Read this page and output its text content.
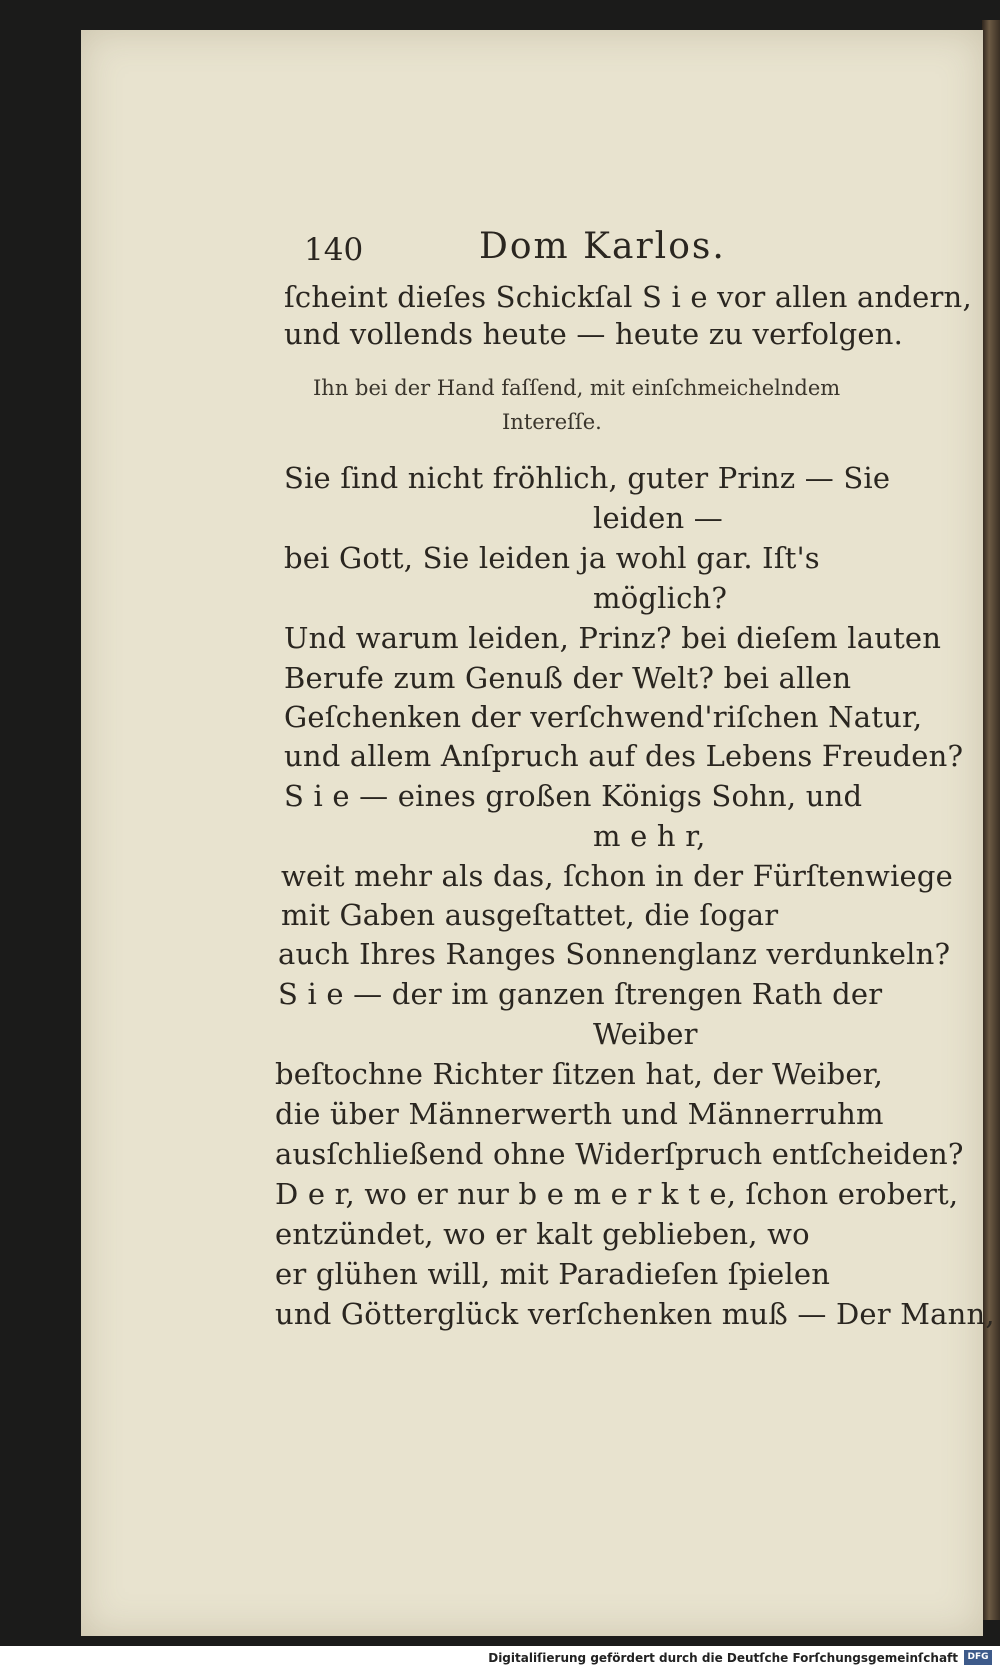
140	Dom Karlos.
ſcheint dieſes Schickſal S i e vor allen andern,
und vollends heute — heute zu verfolgen.
Ihn bei der Hand faſſend, mit einſchmeichelndem
Intereſſe.
Sie ſind nicht fröhlich, guter Prinz — Sie
leiden —
bei Gott, Sie leiden ja wohl gar. Iſt's
möglich?
Und warum leiden, Prinz? bei dieſem lauten
Berufe zum Genuß der Welt? bei allen
Geſchenken der verſchwend'riſchen Natur,
und allem Anſpruch auf des Lebens Freuden?
S i e — eines großen Königs Sohn, und
m e h r,
weit mehr als das, ſchon in der Fürſtenwiege
mit Gaben ausgeſtattet, die ſogar
auch Ihres Ranges Sonnenglanz verdunkeln?
S i e — der im ganzen ſtrengen Rath der
Weiber
beſtochne Richter ſitzen hat, der Weiber,
die über Männerwerth und Männerruhm
ausſchließend ohne Widerſpruch entſcheiden?
D e r, wo er nur b e m e r k t e, ſchon erobert,
entzündet, wo er kalt geblieben, wo
er glühen will, mit Paradieſen ſpielen
und Götterglück verſchenken muß — Der Mann,
Digitaliſierung gefördert durch die Deutſche Forſchungsgemeinſchaft	DFG
